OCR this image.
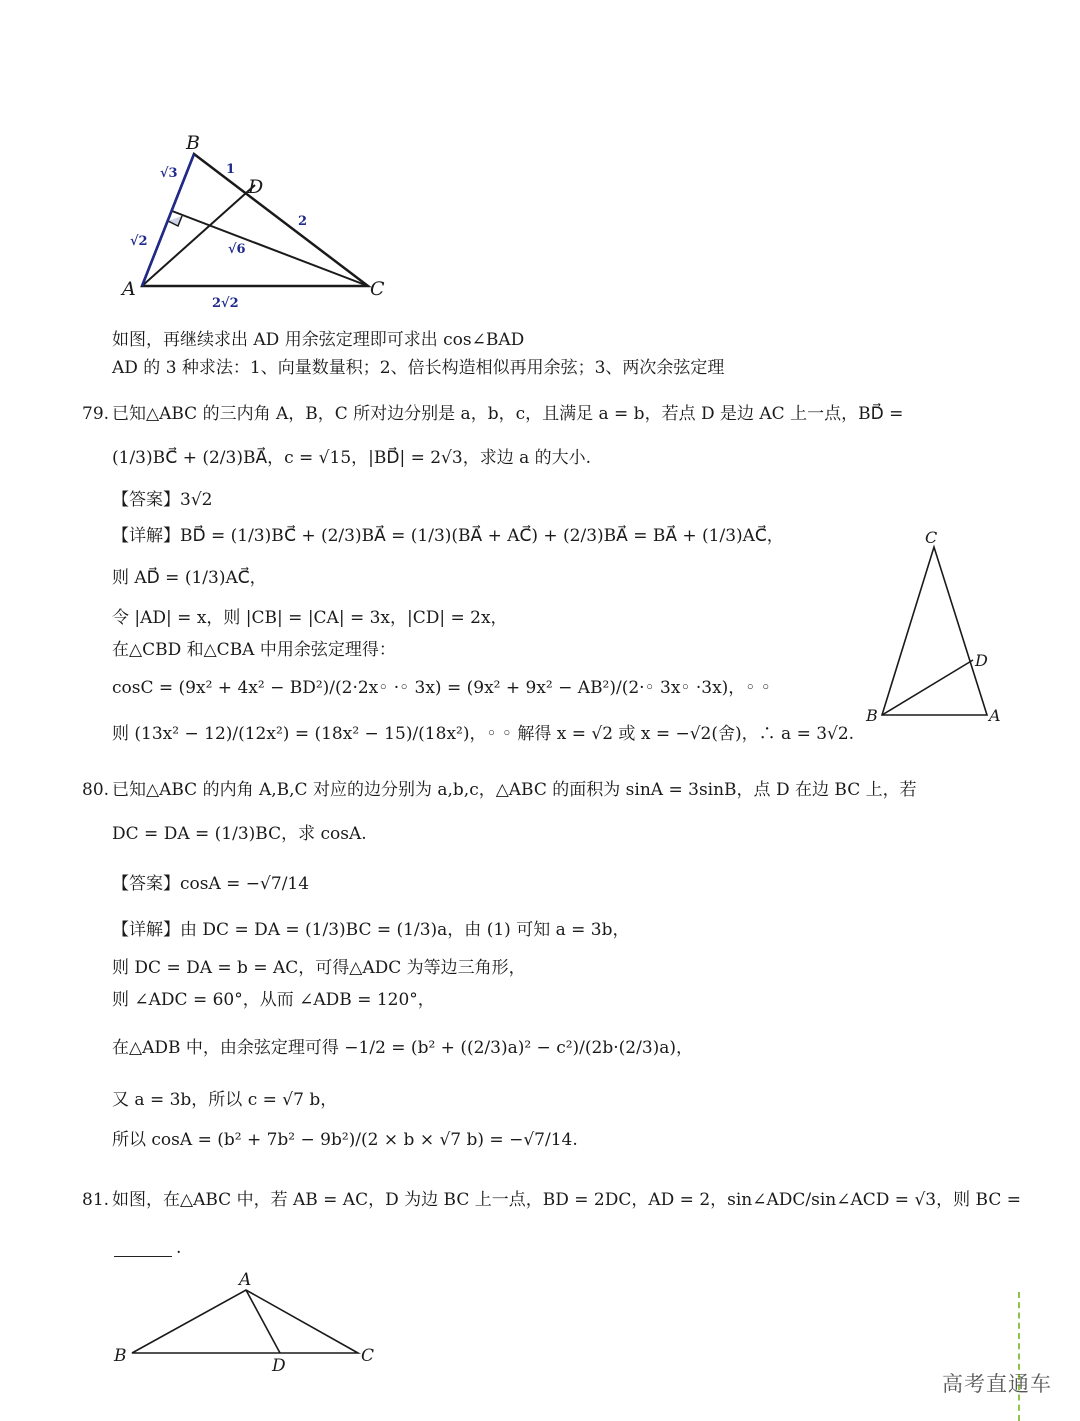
A
B
C
D
√3	1
2
√2
√6
2√2
如图，再继续求出 AD 用余弦定理即可求出 cos∠BAD
AD 的 3 种求法：1、向量数量积；2、倍长构造相似再用余弦；3、两次余弦定理
79. 已知△ABC 的三内角 A，B，C 所对边分别是 a，b，c，且满足 a = b，若点 D 是边 AC 上一点，BD⃗ =
(1/3)BC⃗ + (2/3)BA⃗，c = √15，|BD⃗| = 2√3，求边 a 的大小.
【答案】3√2
【详解】BD⃗ = (1/3)BC⃗ + (2/3)BA⃗ = (1/3)(BA⃗ + AC⃗) + (2/3)BA⃗ = BA⃗ + (1/3)AC⃗，
则 AD⃗ = (1/3)AC⃗，
令 |AD| = x，则 |CB| = |CA| = 3x，|CD| = 2x，
在△CBD 和△CBA 中用余弦定理得：
cosC = (9x² + 4x² − BD²)/(2·2x◦ ·◦ 3x) = (9x² + 9x² − AB²)/(2·◦ 3x◦ ·3x)，◦ ◦
则 (13x² − 12)/(12x²) = (18x² − 15)/(18x²)，◦ ◦ 解得 x = √2 或 x = −√2(舍)，∴ a = 3√2.
C
B	A
D
80. 已知△ABC 的内角 A,B,C 对应的边分别为 a,b,c，△ABC 的面积为 sinA = 3sinB，点 D 在边 BC 上，若
DC = DA = (1/3)BC，求 cosA.
【答案】cosA = −√7/14
【详解】由 DC = DA = (1/3)BC = (1/3)a，由 (1) 可知 a = 3b，
则 DC = DA = b = AC，可得△ADC 为等边三角形，
则 ∠ADC = 60°，从而 ∠ADB = 120°，
在△ADB 中，由余弦定理可得 −1/2 = (b² + ((2/3)a)² − c²)/(2b·(2/3)a)，
又 a = 3b，所以 c = √7 b，
所以 cosA = (b² + 7b² − 9b²)/(2 × b × √7 b) = −√7/14.
81. 如图，在△ABC 中，若 AB = AC，D 为边 BC 上一点，BD = 2DC，AD = 2，sin∠ADC/sin∠ACD = √3，则 BC =
.
A
B	C
D
高考直通车
